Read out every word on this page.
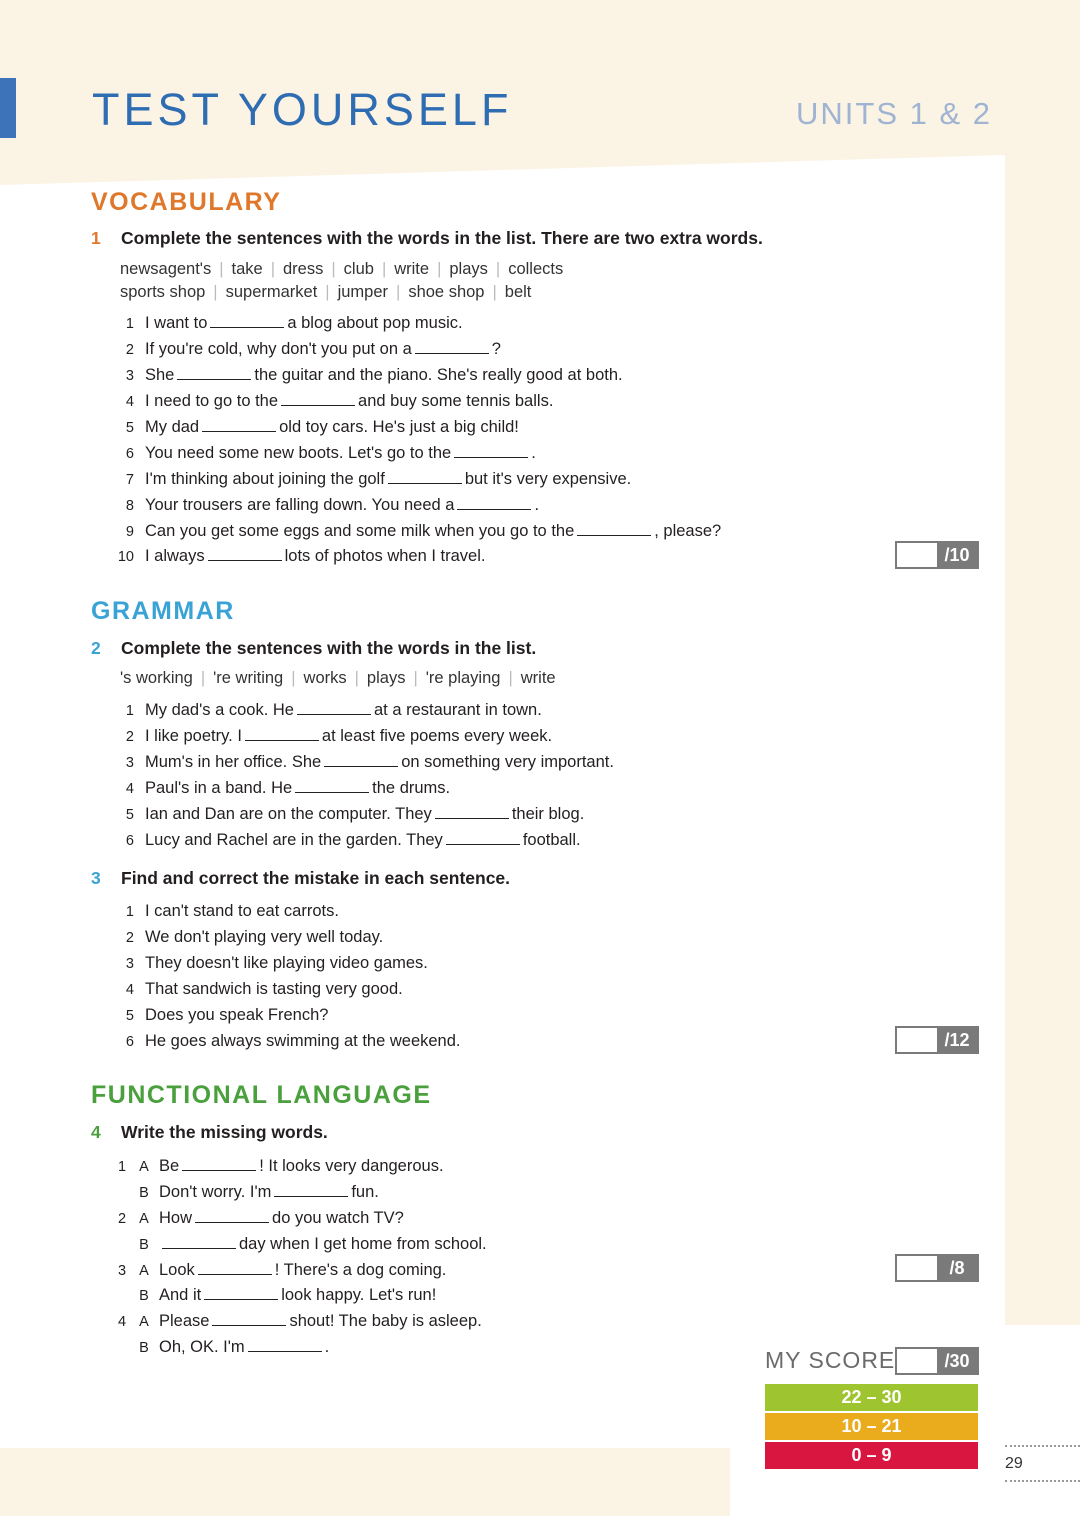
TEST YOURSELF	UNITS 1 & 2
VOCABULARY
1 Complete the sentences with the words in the list. There are two extra words.
newsagent's | take | dress | club | write | plays | collects
sports shop | supermarket | jumper | shoe shop | belt
1 I want to	a blog about pop music.
2 If you're cold, why don't you put on a	?
3 She	the guitar and the piano. She's really good at both.
4 I need to go to the	and buy some tennis balls.
5 My dad	old toy cars. He's just a big child!
6 You need some new boots. Let's go to the	.
7 I'm thinking about joining the golf	but it's very expensive.
8 Your trousers are falling down. You need a	.
9 Can you get some eggs and some milk when you go to the	, please?
10 I always	lots of photos when I travel.	/10
GRAMMAR
2 Complete the sentences with the words in the list.
's working | 're writing | works | plays | 're playing | write
1 My dad's a cook. He	at a restaurant in town.
2 I like poetry. I	at least five poems every week.
3 Mum's in her office. She	on something very important.
4 Paul's in a band. He	the drums.
5 Ian and Dan are on the computer. They	their blog.
6 Lucy and Rachel are in the garden. They	football.
3 Find and correct the mistake in each sentence.
1 I can't stand to eat carrots.
2 We don't playing very well today.
3 They doesn't like playing video games.
4 That sandwich is tasting very good.
5 Does you speak French?
6 He goes always swimming at the weekend.	/12
FUNCTIONAL LANGUAGE
4 Write the missing words.
1 A Be	! It looks very dangerous.
B Don't worry. I'm	fun.
2 A How	do you watch TV?
B	day when I get home from school.
3 A Look	! There's a dog coming.
B And it	look happy. Let's run!
4 A Please	shout! The baby is asleep.
B Oh, OK. I'm	.
/8
MY SCORE	/30
22 – 30
10 – 21
0 – 9	29
